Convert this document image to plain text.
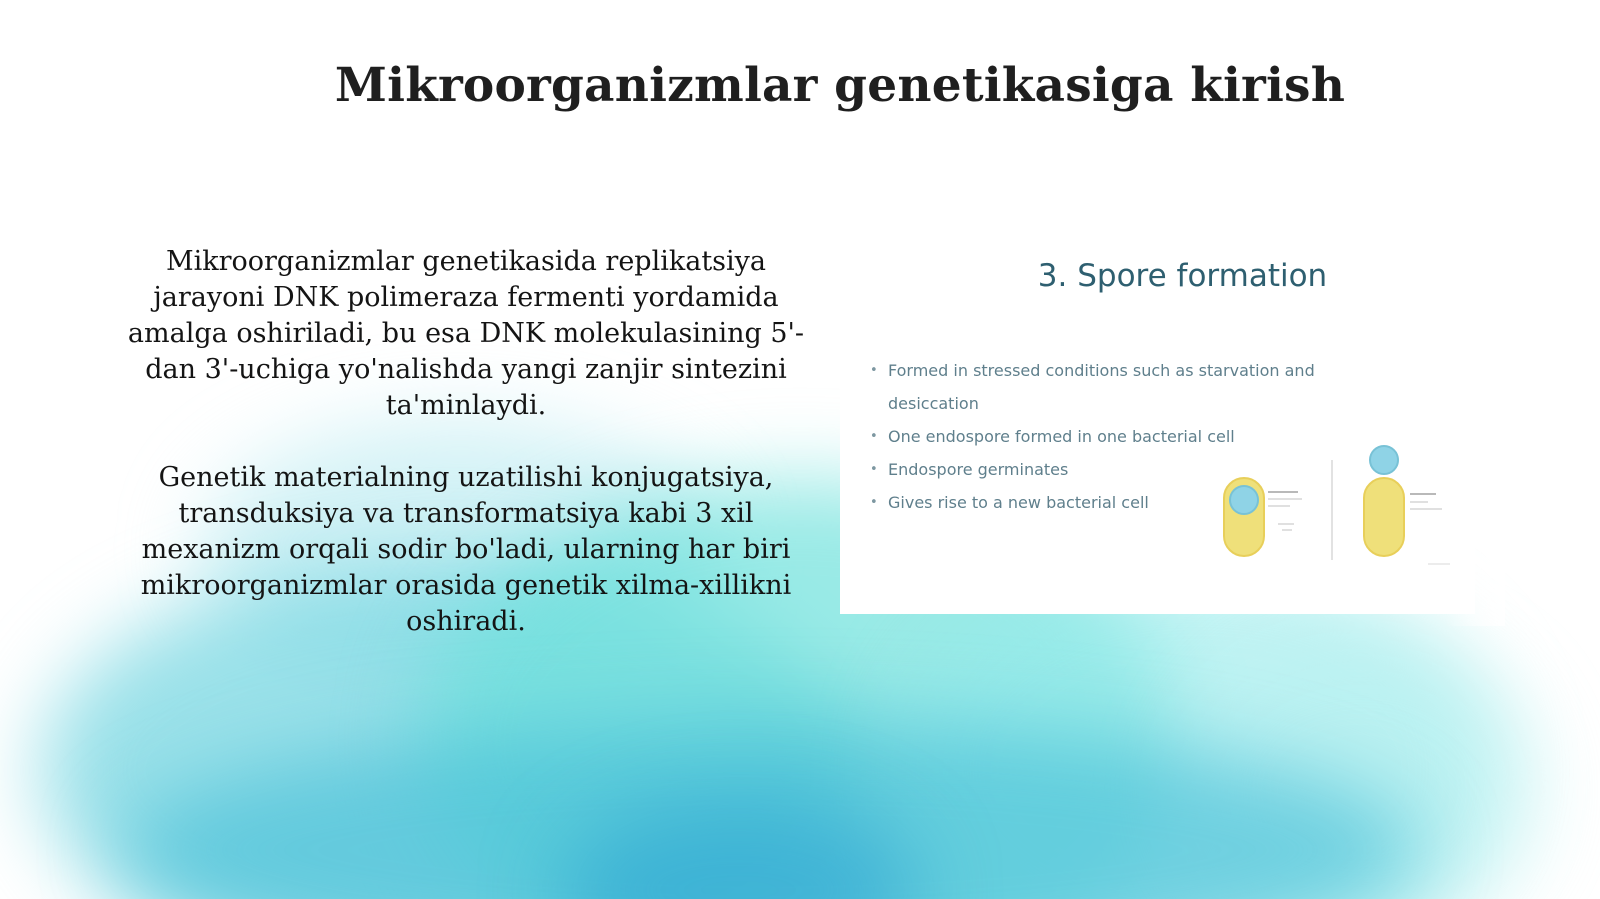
Mikroorganizmlar genetikasiga kirish

Mikroorganizmlar genetikasida replikatsiya jarayoni DNK polimeraza fermenti yordamida amalga oshiriladi, bu esa DNK molekulasining 5'-dan 3'-uchiga yo'nalishda yangi zanjir sintezini ta'minlaydi.

Genetik materialning uzatilishi konjugatsiya, transduksiya va transformatsiya kabi 3 xil mexanizm orqali sodir bo'ladi, ularning har biri mikroorganizmlar orasida genetik xilma-xillikni oshiradi.

3. Spore formation
• Formed in stressed conditions such as starvation and desiccation
• One endospore formed in one bacterial cell
• Endospore germinates
• Gives rise to a new bacterial cell
